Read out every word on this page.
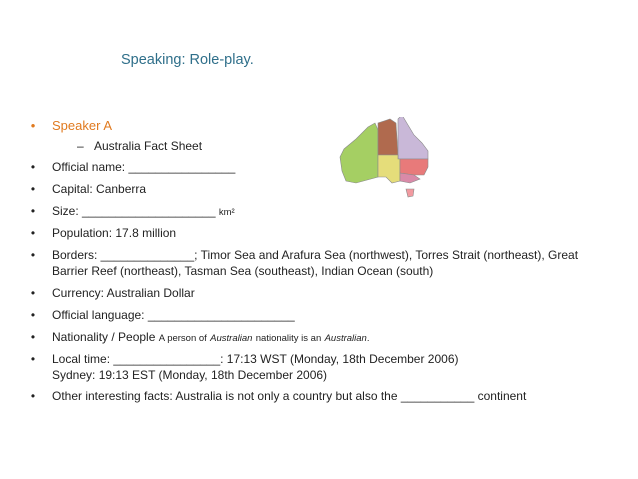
Speaking: Role-play.
• Speaker A
– Australia Fact Sheet
• Official name: ________________
• Capital: Canberra
• Size: ____________________ km²
• Population: 17.8 million
• Borders: ______________; Timor Sea and Arafura Sea (northwest), Torres Strait (northeast), Great
Barrier Reef (northeast), Tasman Sea (southeast), Indian Ocean (south)
• Currency: Australian Dollar
• Official language: ______________________
• Nationality / People A person of Australian nationality is an Australian.
• Local time: ________________: 17:13 WST (Monday, 18th December 2006)
Sydney: 19:13 EST (Monday, 18th December 2006)
• Other interesting facts: Australia is not only a country but also the ___________ continent
